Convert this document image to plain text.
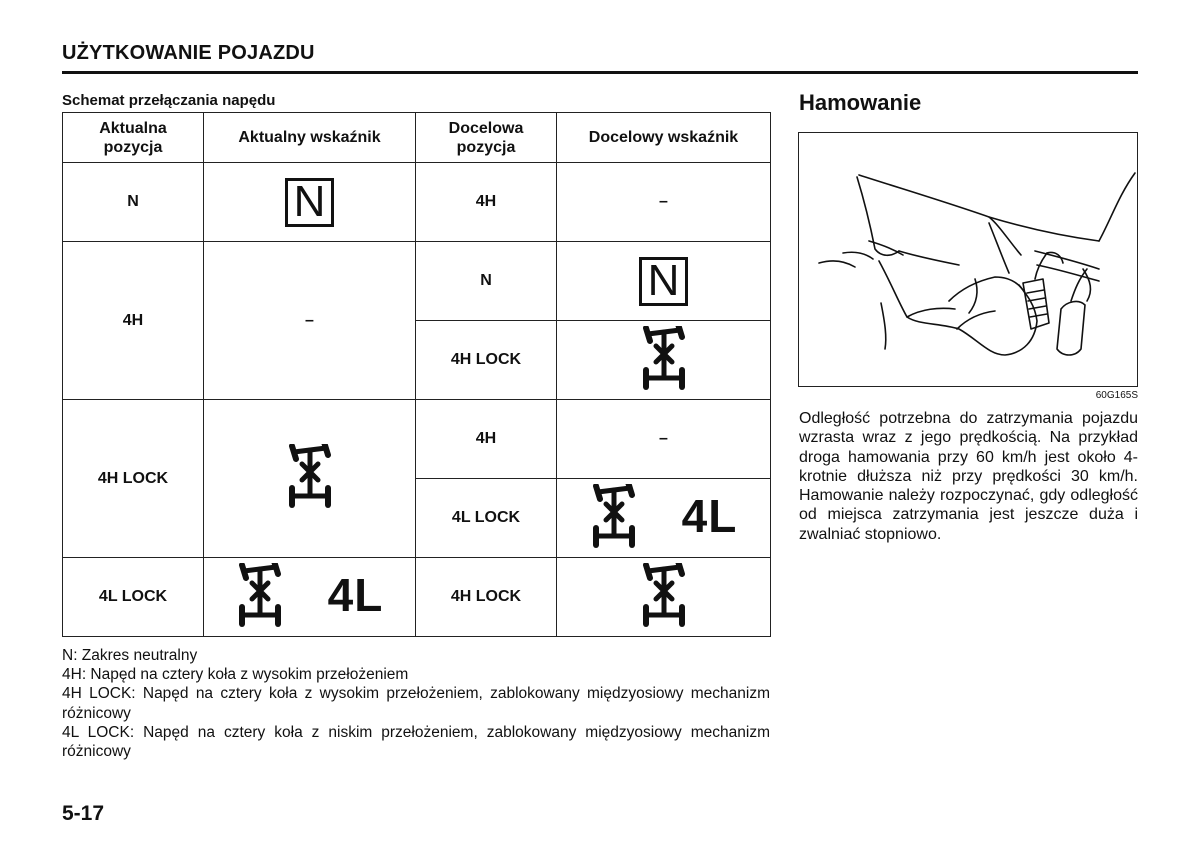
UŻYTKOWANIE POJAZDU
Schemat przełączania napędu
Aktualna pozycja	Aktualny wskaźnik	Docelowa pozycja	Docelowy wskaźnik
N	N	4H	–
4H	–	N	N
		4H LOCK	
4H LOCK		4H	–
		4L LOCK	4L

4L LOCK	4L	4H LOCK	

N: Zakres neutralny

4H: Napęd na cztery koła z wysokim przełożeniem

4H LOCK: Napęd na cztery koła z wysokim przełożeniem, zablokowany międzyosiowy mechanizm różnicowy

4L LOCK: Napęd na cztery koła z niskim przełożeniem, zablokowany międzyosiowy mechanizm różnicowy

5-17
Hamowanie
60G165S
Odległość potrzebna do zatrzymania pojazdu wzrasta wraz z jego prędkością. Na przykład droga hamowania przy 60 km/h jest około 4-krotnie dłuższa niż przy prędkości 30 km/h. Hamowanie należy rozpoczynać, gdy odległość od miejsca zatrzymania jest jeszcze duża i zwalniać stopniowo.
